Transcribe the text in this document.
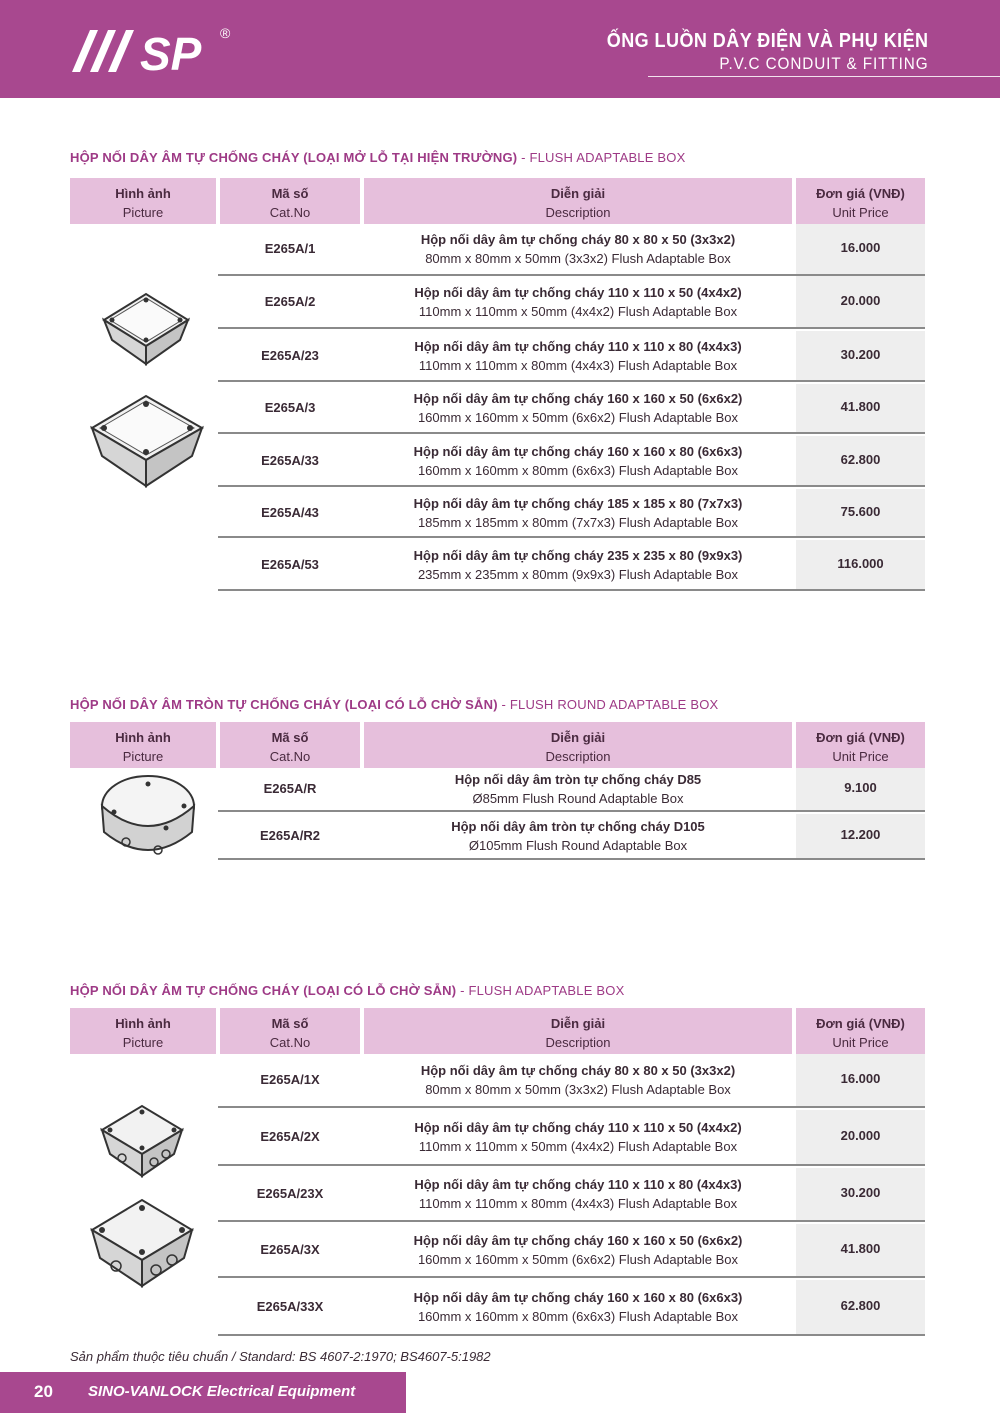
SP ®	ỐNG LUỒN DÂY ĐIỆN VÀ PHỤ KIỆN
P.V.C CONDUIT & FITTING
HỘP NỐI DÂY ÂM TỰ CHỐNG CHÁY (LOẠI MỞ LỖ TẠI HIỆN TRƯỜNG) - FLUSH ADAPTABLE BOX
Hình ảnh
Picture
Mã số
Cat.No
Diễn giải
Description
Đơn giá (VNĐ)
Unit Price
E265A/1
Hộp nối dây âm tự chống cháy 80 x 80 x 50 (3x3x2)
80mm x 80mm x 50mm (3x3x2) Flush Adaptable Box
16.000
E265A/2
Hộp nối dây âm tự chống cháy 110 x 110 x 50 (4x4x2)
110mm x 110mm x 50mm (4x4x2) Flush Adaptable Box
20.000
E265A/23
Hộp nối dây âm tự chống cháy 110 x 110 x 80 (4x4x3)
110mm x 110mm x 80mm (4x4x3) Flush Adaptable Box
30.200
E265A/3
Hộp nối dây âm tự chống cháy 160 x 160 x 50 (6x6x2)
160mm x 160mm x 50mm (6x6x2) Flush Adaptable Box
41.800
E265A/33
Hộp nối dây âm tự chống cháy 160 x 160 x 80 (6x6x3)
160mm x 160mm x 80mm (6x6x3) Flush Adaptable Box
62.800
E265A/43
Hộp nối dây âm tự chống cháy 185 x 185 x 80 (7x7x3)
185mm x 185mm x 80mm (7x7x3) Flush Adaptable Box
75.600
E265A/53
Hộp nối dây âm tự chống cháy 235 x 235 x 80 (9x9x3)
235mm x 235mm x 80mm (9x9x3) Flush Adaptable Box
116.000
HỘP NỐI DÂY ÂM TRÒN TỰ CHỐNG CHÁY (LOẠI CÓ LỖ CHỜ SẴN) - FLUSH ROUND ADAPTABLE BOX
Hình ảnh
Picture
Mã số
Cat.No
Diễn giải
Description
Đơn giá (VNĐ)
Unit Price
E265A/R
Hộp nối dây âm tròn tự chống cháy D85
Ø85mm Flush Round Adaptable Box
9.100
E265A/R2
Hộp nối dây âm tròn tự chống cháy D105
Ø105mm Flush Round Adaptable Box
12.200
HỘP NỐI DÂY ÂM TỰ CHỐNG CHÁY (LOẠI CÓ LỖ CHỜ SẴN) - FLUSH ADAPTABLE BOX
Hình ảnh
Picture
Mã số
Cat.No
Diễn giải
Description
Đơn giá (VNĐ)
Unit Price
E265A/1X
Hộp nối dây âm tự chống cháy 80 x 80 x 50 (3x3x2)
80mm x 80mm x 50mm (3x3x2) Flush Adaptable Box
16.000
E265A/2X
Hộp nối dây âm tự chống cháy 110 x 110 x 50 (4x4x2)
110mm x 110mm x 50mm (4x4x2) Flush Adaptable Box
20.000
E265A/23X
Hộp nối dây âm tự chống cháy 110 x 110 x 80 (4x4x3)
110mm x 110mm x 80mm (4x4x3) Flush Adaptable Box
30.200
E265A/3X
Hộp nối dây âm tự chống cháy 160 x 160 x 50 (6x6x2)
160mm x 160mm x 50mm (6x6x2) Flush Adaptable Box
41.800
E265A/33X
Hộp nối dây âm tự chống cháy 160 x 160 x 80 (6x6x3)
160mm x 160mm x 80mm (6x6x3) Flush Adaptable Box
62.800
Sản phẩm thuộc tiêu chuẩn / Standard: BS 4607-2:1970; BS4607-5:1982
20 SINO-VANLOCK Electrical Equipment
